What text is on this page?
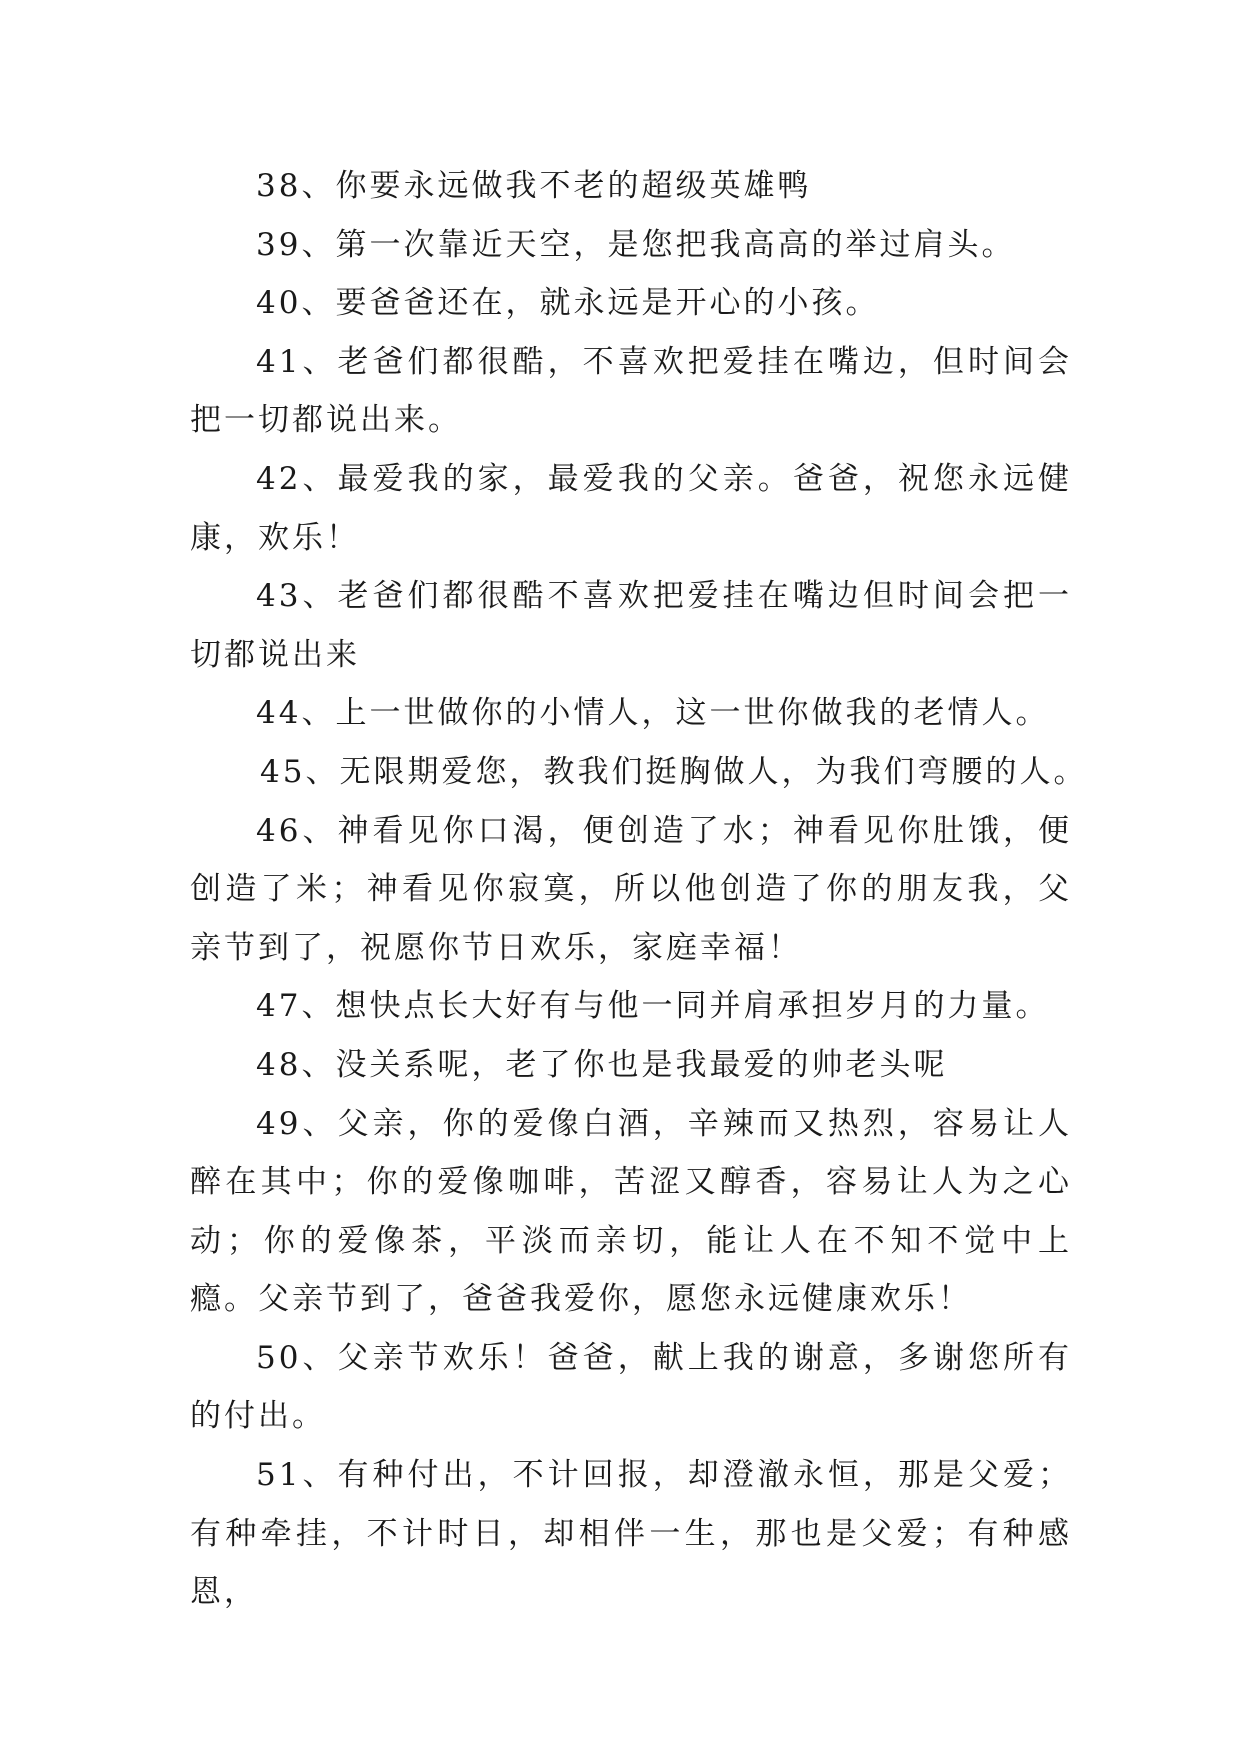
38、你要永远做我不老的超级英雄鸭

39、第一次靠近天空，是您把我高高的举过肩头。

40、要爸爸还在，就永远是开心的小孩。

41、老爸们都很酷，不喜欢把爱挂在嘴边，但时间会把一切都说出来。

42、最爱我的家，最爱我的父亲。爸爸，祝您永远健康，欢乐！

43、老爸们都很酷不喜欢把爱挂在嘴边但时间会把一切都说出来

44、上一世做你的小情人，这一世你做我的老情人。

45、无限期爱您，教我们挺胸做人，为我们弯腰的人。

46、神看见你口渴，便创造了水；神看见你肚饿，便创造了米；神看见你寂寞，所以他创造了你的朋友我，父亲节到了，祝愿你节日欢乐，家庭幸福！

47、想快点长大好有与他一同并肩承担岁月的力量。

48、没关系呢，老了你也是我最爱的帅老头呢

49、父亲，你的爱像白酒，辛辣而又热烈，容易让人醉在其中；你的爱像咖啡，苦涩又醇香，容易让人为之心动；你的爱像茶，平淡而亲切，能让人在不知不觉中上瘾。父亲节到了，爸爸我爱你，愿您永远健康欢乐！

50、父亲节欢乐！爸爸，献上我的谢意，多谢您所有的付出。

51、有种付出，不计回报，却澄澈永恒，那是父爱；有种牵挂，不计时日，却相伴一生，那也是父爱；有种感恩，
